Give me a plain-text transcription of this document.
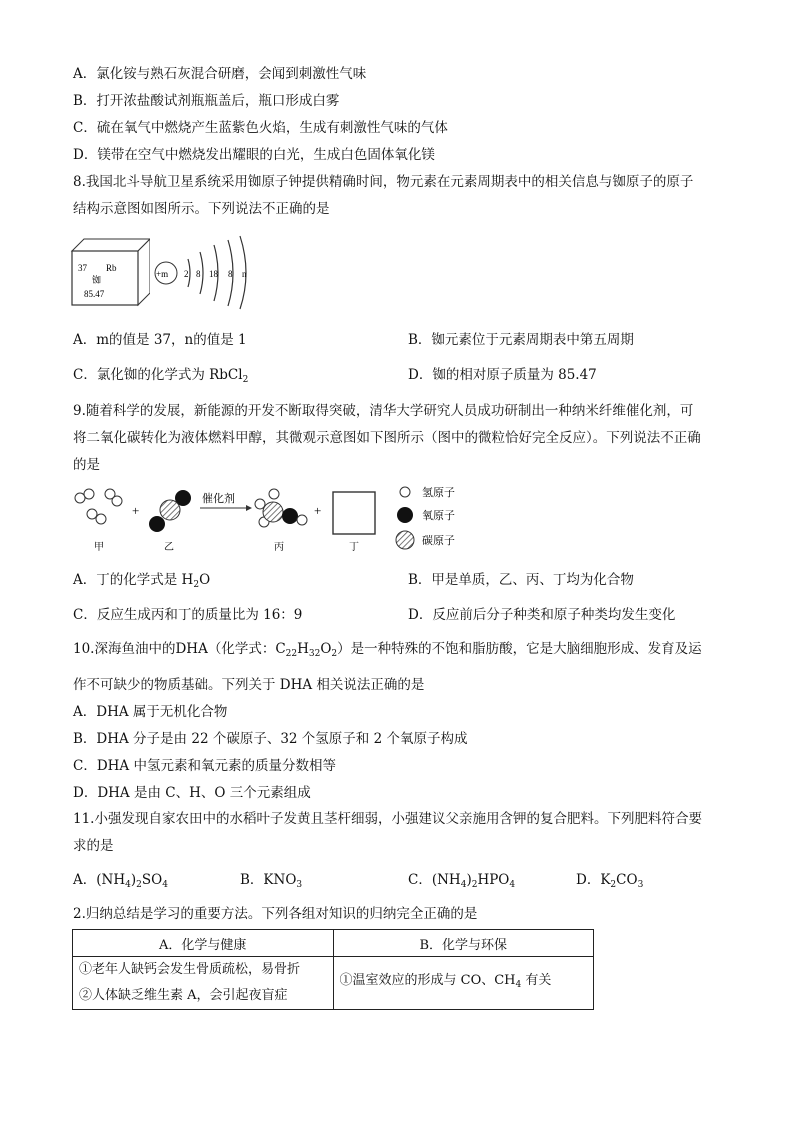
A．氯化铵与熟石灰混合研磨，会闻到刺激性气味
B．打开浓盐酸试剂瓶瓶盖后，瓶口形成白雾
C．硫在氧气中燃烧产生蓝紫色火焰，生成有刺激性气味的气体
D．镁带在空气中燃烧发出耀眼的白光，生成白色固体氧化镁
8.我国北斗导航卫星系统采用铷原子钟提供精确时间，物元素在元素周期表中的相关信息与铷原子的原子
结构示意图如图所示。下列说法不正确的是
37 Rb
铷
85.47
+m 2 8 18 8 n
A．m的值是 37，n的值是 1	B．铷元素位于元素周期表中第五周期
C．氯化铷的化学式为 RbCl$_2$	D．铷的相对原子质量为 85.47
9.随着科学的发展，新能源的开发不断取得突破，清华大学研究人员成功研制出一种纳米纤维催化剂，可
将二氧化碳转化为液体燃料甲醇，其微观示意图如下图所示（图中的微粒恰好完全反应）。下列说法不正确
的是
+
催化剂
+
甲	乙	丙	丁
氢原子
氧原子
碳原子
A．丁的化学式是 $H_2O$	B．甲是单质，乙、丙、丁均为化合物
C．反应生成丙和丁的质量比为 16：9	D．反应前后分子种类和原子种类均发生变化
10.深海鱼油中的DHA（化学式：$C_{22}H_{32}O_2$）是一种特殊的不饱和脂肪酸，它是大脑细胞形成、发育及运
作不可缺少的物质基础。下列关于 DHA 相关说法正确的是
A．DHA 属于无机化合物
B．DHA 分子是由 22 个碳原子、32 个氢原子和 2 个氧原子构成
C．DHA 中氢元素和氧元素的质量分数相等
D．DHA 是由 C、H、O 三个元素组成
11.小强发现自家农田中的水稻叶子发黄且茎杆细弱，小强建议父亲施用含钾的复合肥料。下列肥料符合要
求的是
A．$(NH_4)_2SO_4$	B．$KNO_3$	C．$(NH_4)_2HPO_4$	D．$K_2CO_3$
2.归纳总结是学习的重要方法。下列各组对知识的归纳完全正确的是
A．化学与健康	B．化学与环保

①老年人缺钙会发生骨质疏松，易骨折
②人体缺乏维生素 A，会引起夜盲症	①温室效应的形成与 CO、$CH_4$ 有关
